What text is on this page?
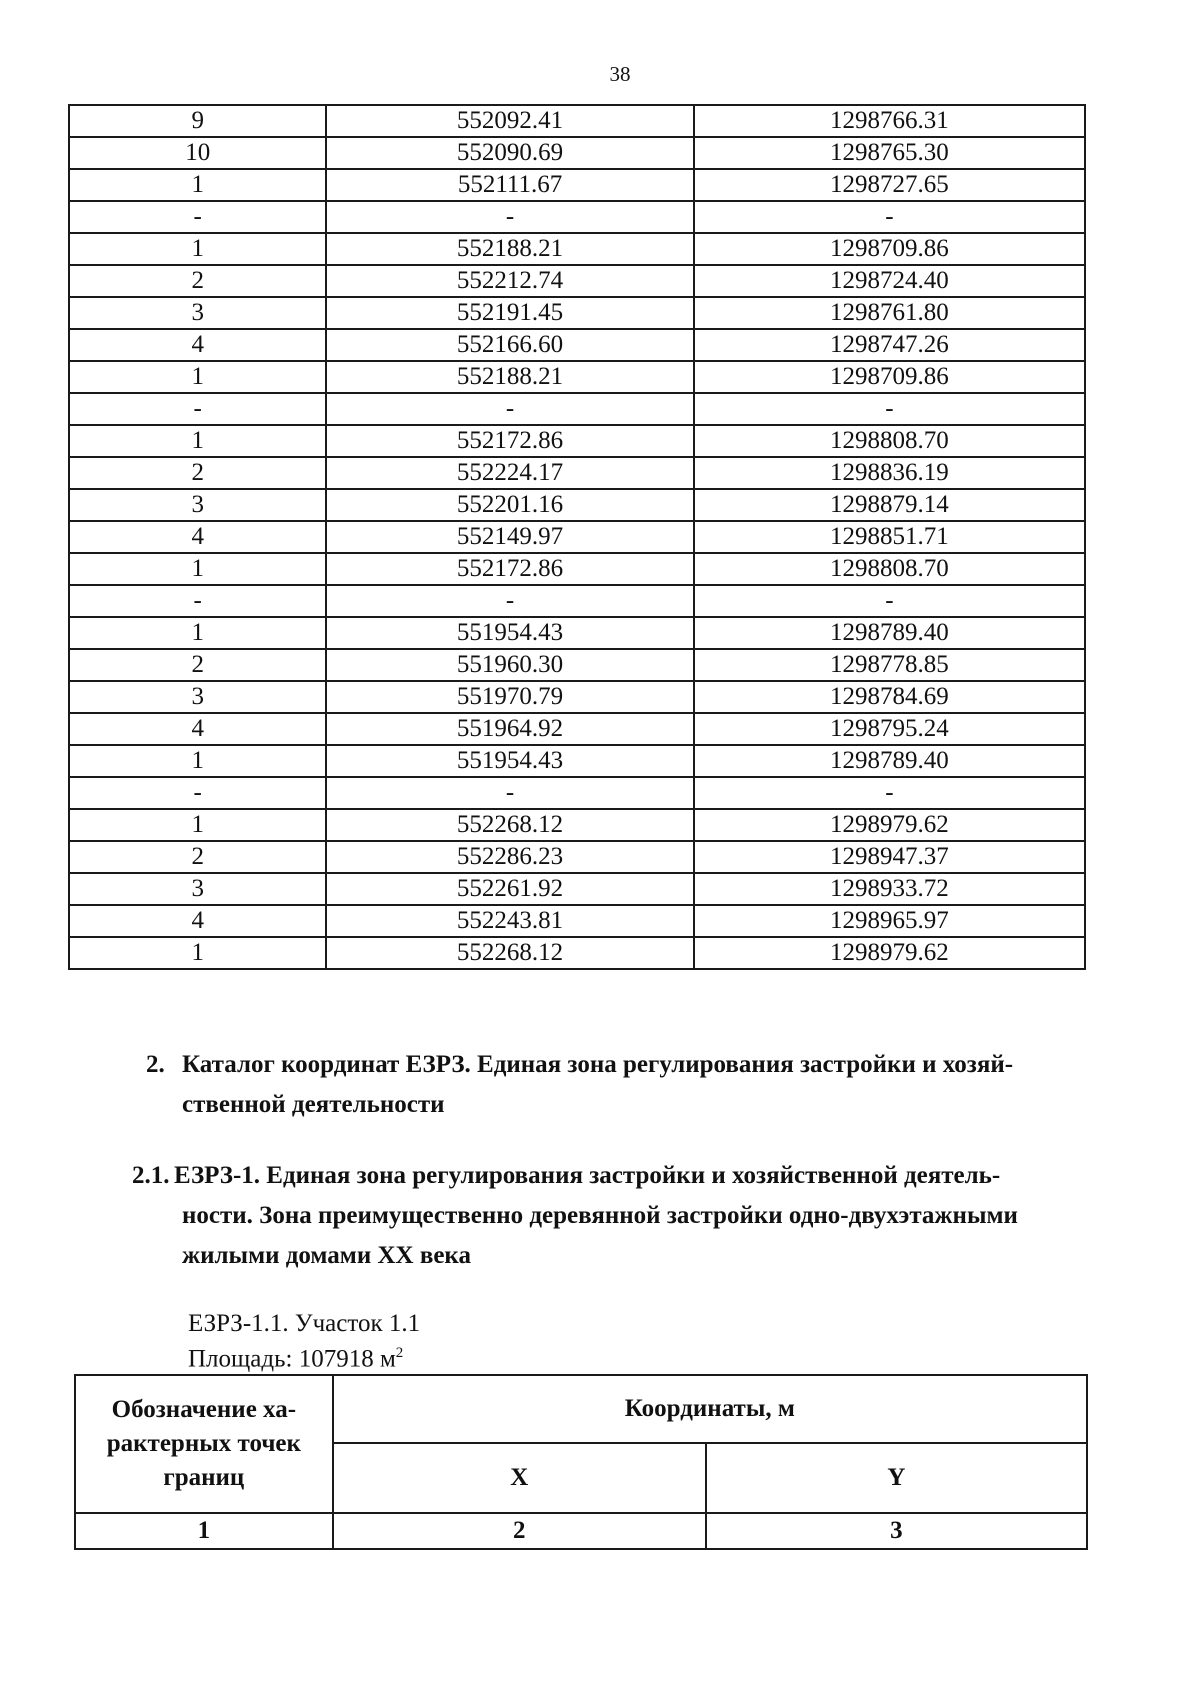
38
9	552092.41	1298766.31
10	552090.69	1298765.30
1	552111.67	1298727.65
-	-	-
1	552188.21	1298709.86
2	552212.74	1298724.40
3	552191.45	1298761.80
4	552166.60	1298747.26
1	552188.21	1298709.86
-	-	-
1	552172.86	1298808.70
2	552224.17	1298836.19
3	552201.16	1298879.14
4	552149.97	1298851.71
1	552172.86	1298808.70
-	-	-
1	551954.43	1298789.40
2	551960.30	1298778.85
3	551970.79	1298784.69
4	551964.92	1298795.24
1	551954.43	1298789.40
-	-	-
1	552268.12	1298979.62
2	552286.23	1298947.37
3	552261.92	1298933.72
4	552243.81	1298965.97
1	552268.12	1298979.62
2. Каталог координат ЕЗРЗ. Единая зона регулирования застройки и хозяй-
ственной деятельности
2.1. ЕЗРЗ-1. Единая зона регулирования застройки и хозяйственной деятель-
ности. Зона преимущественно деревянной застройки одно-двухэтажными
жилыми домами XX века
ЕЗРЗ-1.1. Участок 1.1
Площадь: 107918 $м^2$
Обозначение ха-рактерных точек границ	Координаты, м	
	X	Y
1	2	3
